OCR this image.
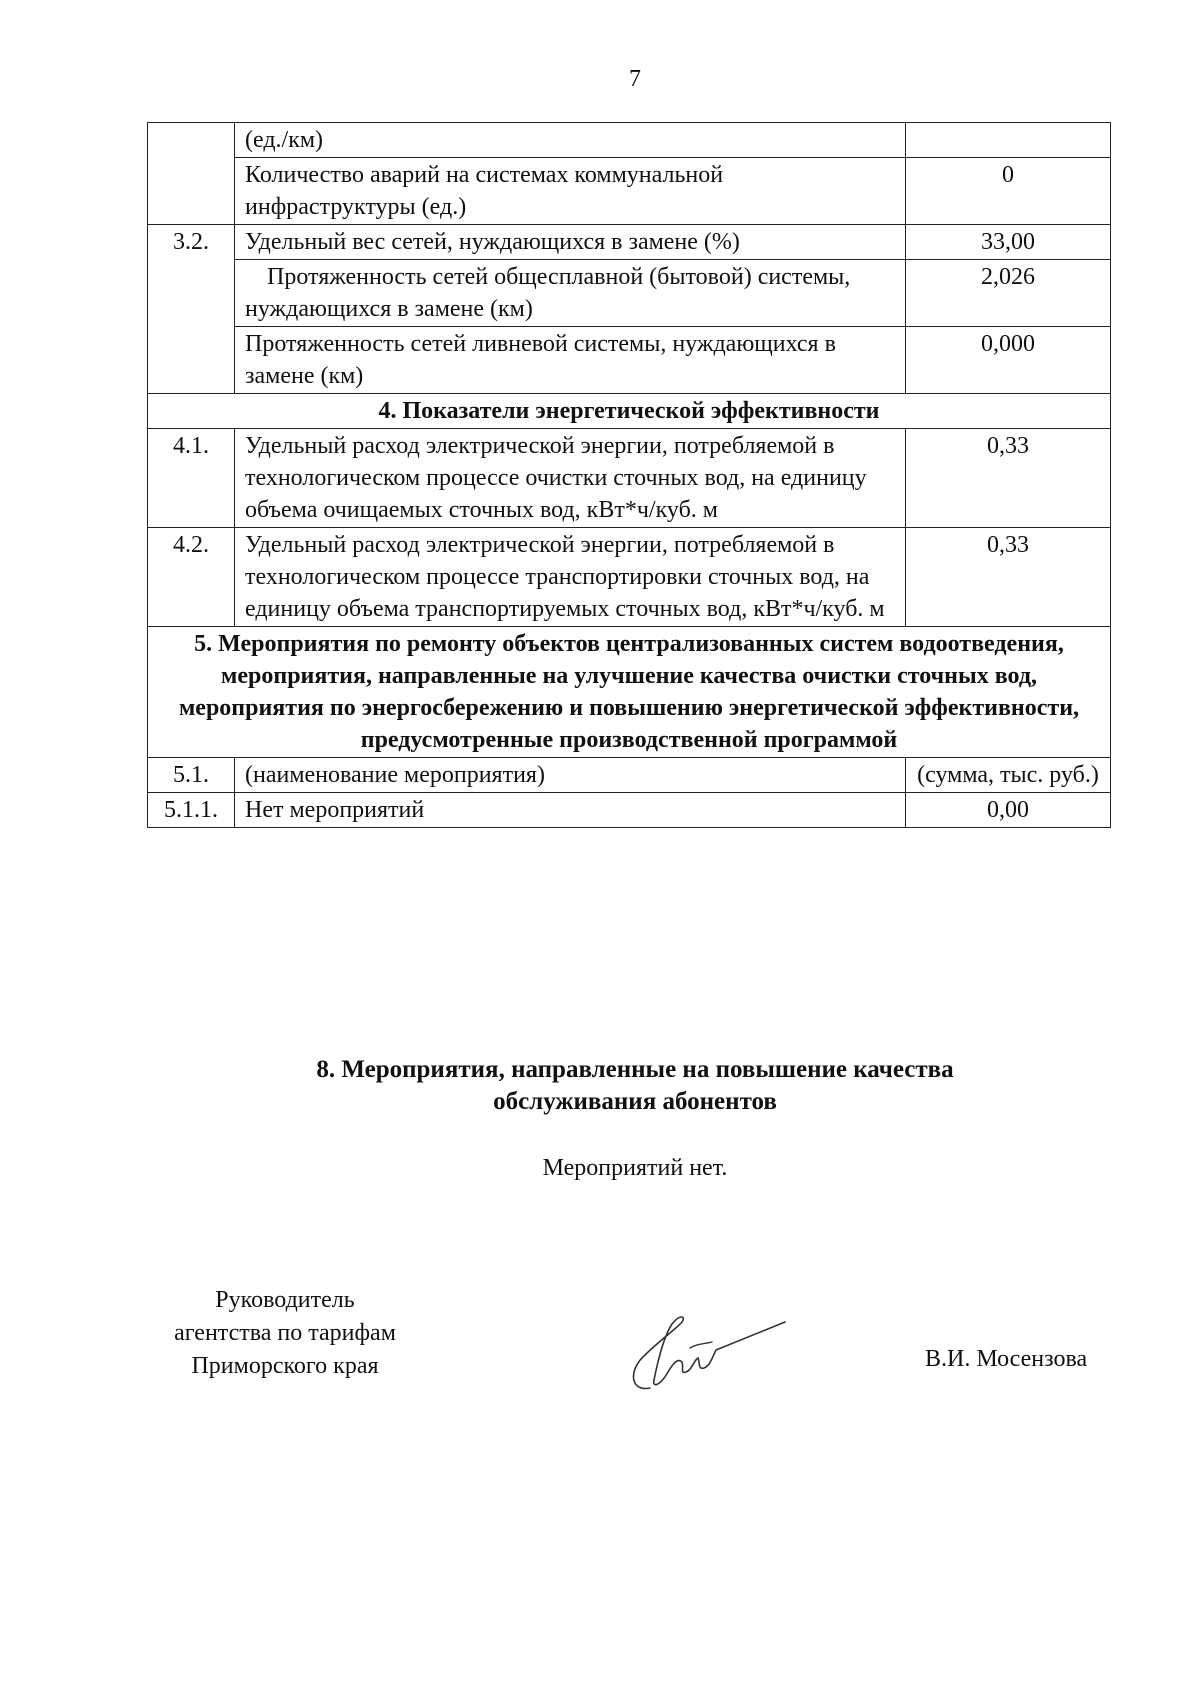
7
	(ед./км)	
	Количество аварий на системах коммунальной инфраструктуры (ед.)	0
3.2.	Удельный вес сетей, нуждающихся в замене (%)	33,00

	Протяженность сетей общесплавной (бытовой) системы, нуждающихся в замене (км)	2,026
	Протяженность сетей ливневой системы, нуждающихся в замене (км)	0,000
4. Показатели энергетической эффективности		
4.1.	Удельный расход электрической энергии, потребляемой в технологическом процессе очистки сточных вод, на единицу объема очищаемых сточных вод, кВт*ч/куб. м	0,33
4.2.	Удельный расход электрической энергии, потребляемой в технологическом процессе транспортировки сточных вод, на единицу объема транспортируемых сточных вод, кВт*ч/куб. м	0,33
5. Мероприятия по ремонту объектов централизованных систем водоотведения, мероприятия, направленные на улучшение качества очистки сточных вод, мероприятия по энергосбережению и повышению энергетической эффективности, предусмотренные производственной программой		
5.1.	(наименование мероприятия)	(сумма, тыс. руб.)
5.1.1.	Нет мероприятий	0,00
8. Мероприятия, направленные на повышение качества
обслуживания абонентов
Мероприятий нет.
Руководитель
агентства по тарифам
Приморского края	В.И. Мосензова
